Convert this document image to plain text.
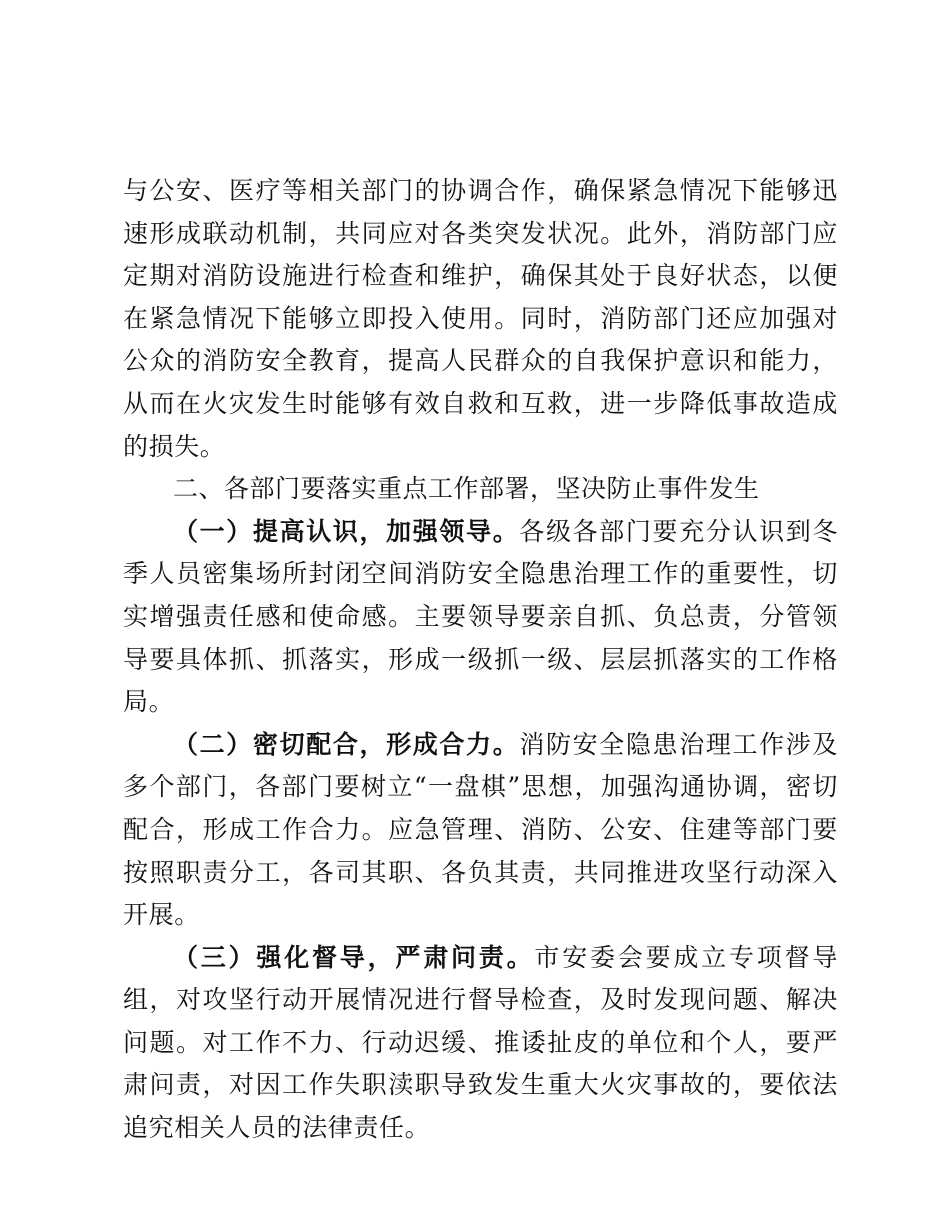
与公安、医疗等相关部门的协调合作，确保紧急情况下能够迅速形成联动机制，共同应对各类突发状况。此外，消防部门应定期对消防设施进行检查和维护，确保其处于良好状态，以便在紧急情况下能够立即投入使用。同时，消防部门还应加强对公众的消防安全教育，提高人民群众的自我保护意识和能力，从而在火灾发生时能够有效自救和互救，进一步降低事故造成的损失。

二、各部门要落实重点工作部署，坚决防止事件发生

（一）提高认识，加强领导。各级各部门要充分认识到冬季人员密集场所封闭空间消防安全隐患治理工作的重要性，切实增强责任感和使命感。主要领导要亲自抓、负总责，分管领导要具体抓、抓落实，形成一级抓一级、层层抓落实的工作格局。

（二）密切配合，形成合力。消防安全隐患治理工作涉及多个部门，各部门要树立“一盘棋”思想，加强沟通协调，密切配合，形成工作合力。应急管理、消防、公安、住建等部门要按照职责分工，各司其职、各负其责，共同推进攻坚行动深入开展。

（三）强化督导，严肃问责。市安委会要成立专项督导组，对攻坚行动开展情况进行督导检查，及时发现问题、解决问题。对工作不力、行动迟缓、推诿扯皮的单位和个人，要严肃问责，对因工作失职渎职导致发生重大火灾事故的，要依法追究相关人员的法律责任。
